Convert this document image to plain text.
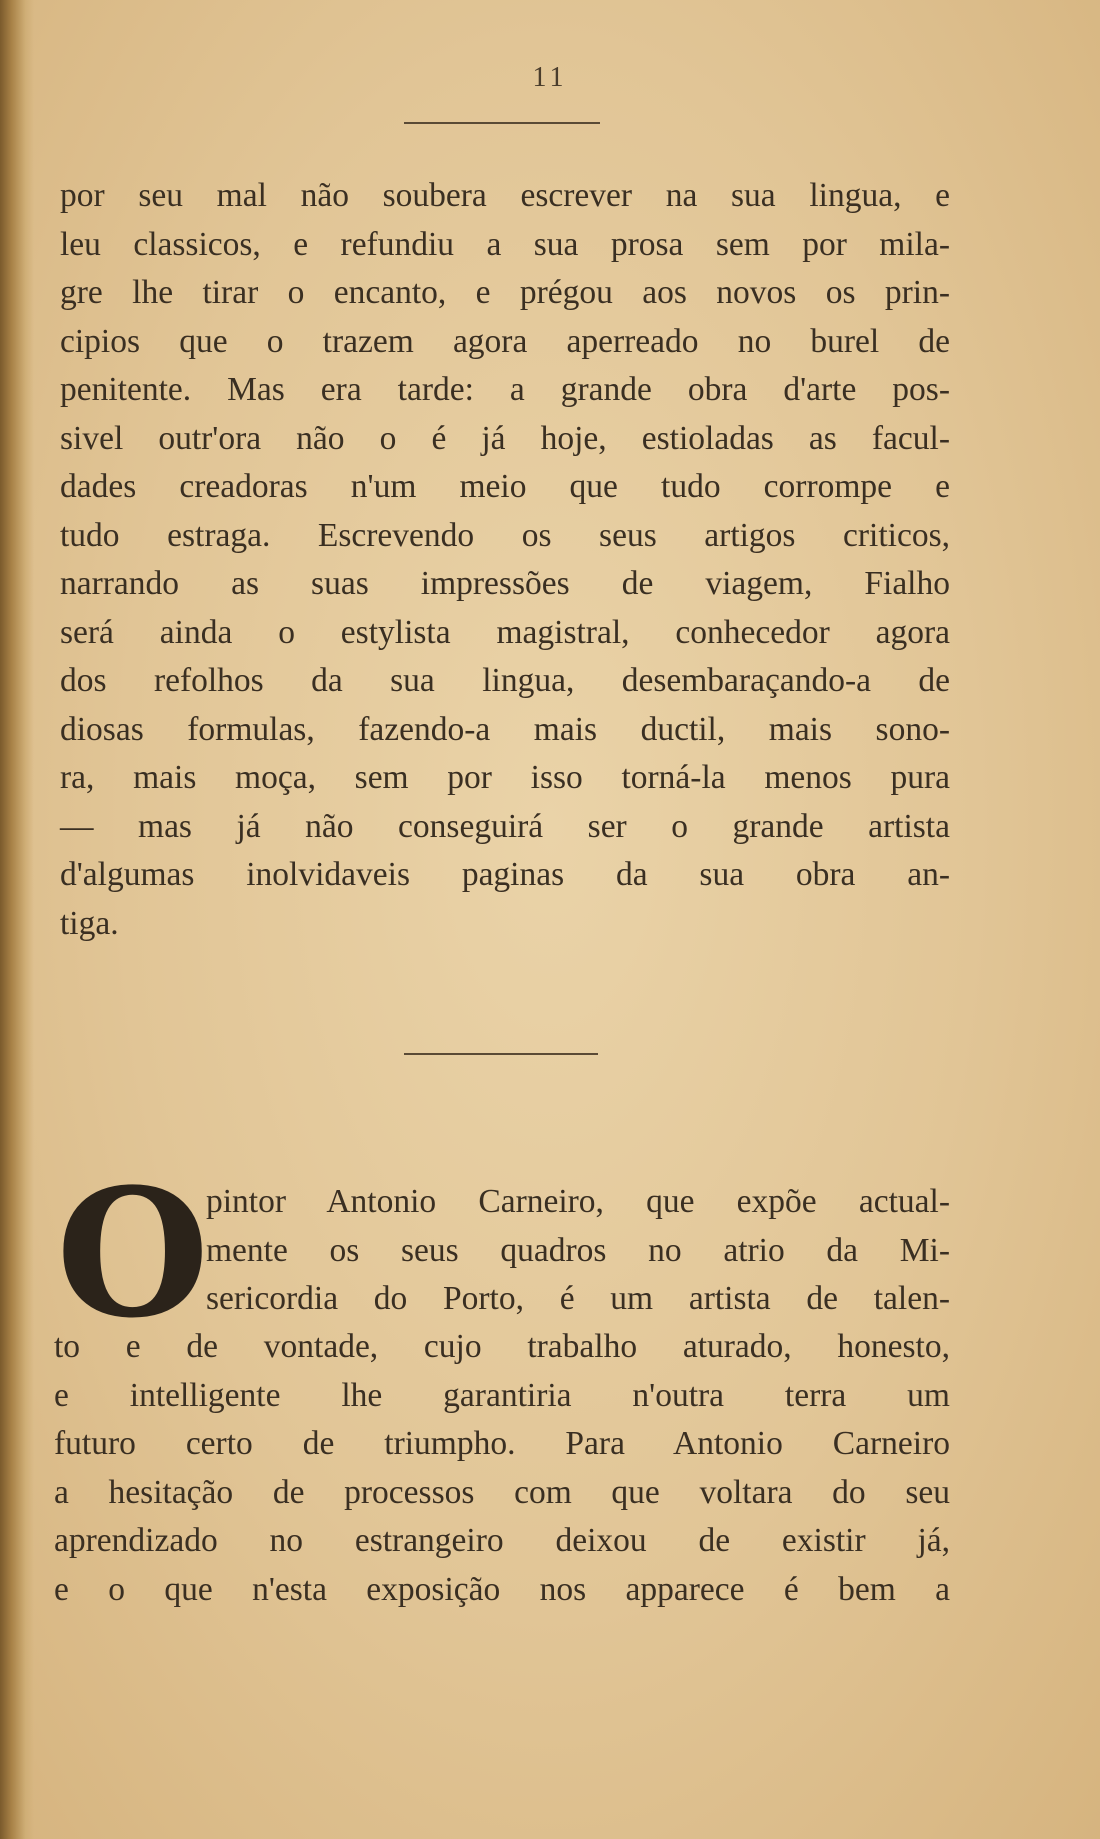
11
por seu mal não soubera escrever na sua lingua, e
leu classicos, e refundiu a sua prosa sem por mila-
gre lhe tirar o encanto, e prégou aos novos os prin-
cipios que o trazem agora aperreado no burel de
penitente. Mas era tarde: a grande obra d'arte pos-
sivel outr'ora não o é já hoje, estioladas as facul-
dades creadoras n'um meio que tudo corrompe e
tudo estraga. Escrevendo os seus artigos criticos,
narrando as suas impressões de viagem, Fialho
será ainda o estylista magistral, conhecedor agora
dos refolhos da sua lingua, desembaraçando-a de
diosas formulas, fazendo-a mais ductil, mais sono-
ra, mais moça, sem por isso torná-la menos pura
— mas já não conseguirá ser o grande artista
d'algumas inolvidaveis paginas da sua obra an-
tiga.
O
pintor Antonio Carneiro, que expõe actual-
mente os seus quadros no atrio da Mi-
sericordia do Porto, é um artista de talen-
to e de vontade, cujo trabalho aturado, honesto,
e intelligente lhe garantiria n'outra terra um
futuro certo de triumpho. Para Antonio Carneiro
a hesitação de processos com que voltara do seu
aprendizado no estrangeiro deixou de existir já,
e o que n'esta exposição nos apparece é bem a
